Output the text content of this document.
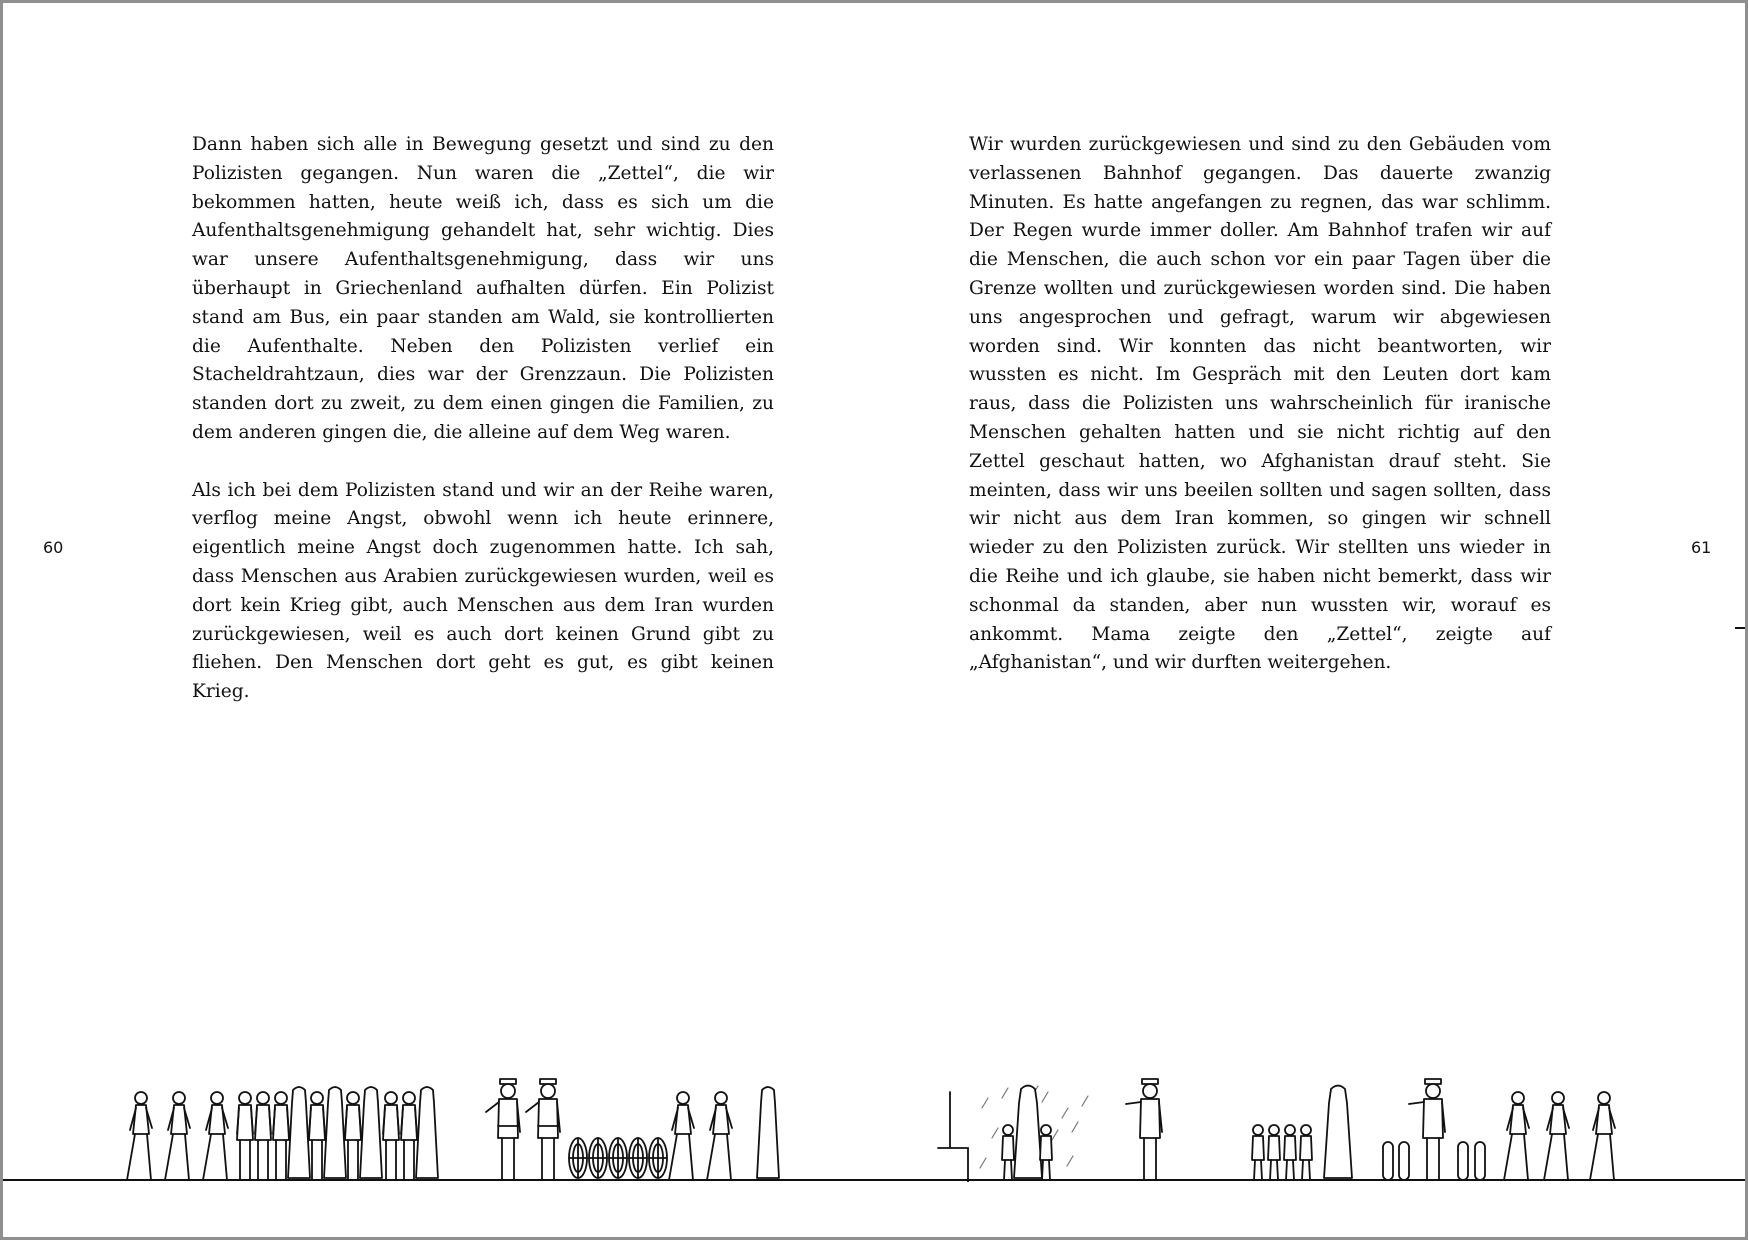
Dann haben sich alle in Bewegung gesetzt und sind zu den Polizisten gegangen. Nun waren die „Zettel“, die wir bekommen hatten, heute weiß ich, dass es sich um die Aufenthaltsgenehmigung gehandelt hat, sehr wichtig. Dies war unsere Aufenthaltsgenehmigung, dass wir uns überhaupt in Griechenland aufhalten dürfen. Ein Polizist stand am Bus, ein paar standen am Wald, sie kontrollierten die Aufenthalte. Neben den Polizisten verlief ein Stacheldrahtzaun, dies war der Grenzzaun. Die Polizisten standen dort zu zweit, zu dem einen gingen die Familien, zu dem anderen gingen die, die alleine auf dem Weg waren.

Als ich bei dem Polizisten stand und wir an der Reihe waren, verflog meine Angst, obwohl wenn ich heute erinnere, eigentlich meine Angst doch zugenommen hatte. Ich sah, dass Menschen aus Arabien zurückgewiesen wurden, weil es dort kein Krieg gibt, auch Menschen aus dem Iran wurden zurückgewiesen, weil es auch dort keinen Grund gibt zu fliehen. Den Menschen dort geht es gut, es gibt keinen Krieg.

Wir wurden zurückgewiesen und sind zu den Gebäuden vom verlassenen Bahnhof gegangen. Das dauerte zwanzig Minuten. Es hatte angefangen zu regnen, das war schlimm. Der Regen wurde immer doller. Am Bahnhof trafen wir auf die Menschen, die auch schon vor ein paar Tagen über die Grenze wollten und zurückgewiesen worden sind. Die haben uns angesprochen und gefragt, warum wir abgewiesen worden sind. Wir konnten das nicht beantworten, wir wussten es nicht. Im Gespräch mit den Leuten dort kam raus, dass die Polizisten uns wahrscheinlich für iranische Menschen gehalten hatten und sie nicht richtig auf den Zettel geschaut hatten, wo Afghanistan drauf steht. Sie meinten, dass wir uns beeilen sollten und sagen sollten, dass wir nicht aus dem Iran kommen, so gingen wir schnell wieder zu den Polizisten zurück. Wir stellten uns wieder in die Reihe und ich glaube, sie haben nicht bemerkt, dass wir schonmal da standen, aber nun wussten wir, worauf es ankommt. Mama zeigte den „Zettel“, zeigte auf „Afghanistan“, und wir durften weitergehen.

60	61
